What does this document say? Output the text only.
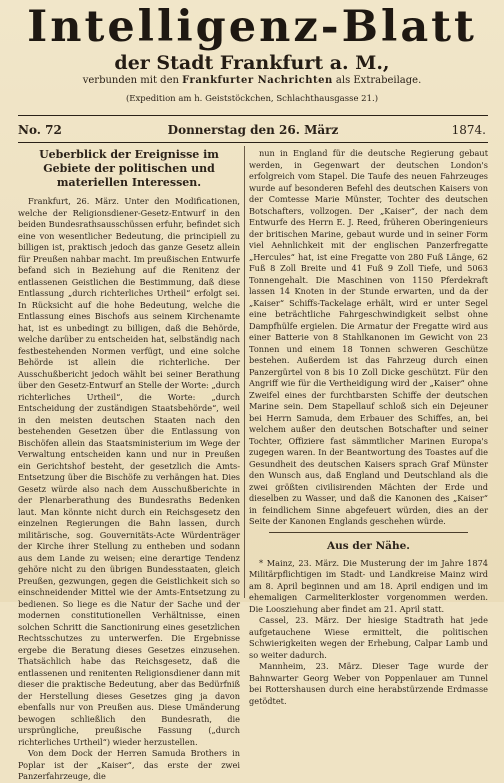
Intelligenz-Blatt
der Stadt Frankfurt a. M.,
verbunden mit den Frankfurter Nachrichten als Extrabeilage.
(Expedition am h. Geiststöckchen, Schlachthausgasse 21.)
No. 72	Donnerstag den 26. März	1874.
Ueberblick der Ereignisse im Gebiete der politischen und materiellen Interessen.

Frankfurt, 26. März. Unter den Modificationen, welche der Religionsdiener-Gesetz-Entwurf in den beiden Bundesrathsausschüssen erfuhr, befindet sich eine von wesentlicher Bedeutung, die principiell zu billigen ist, praktisch jedoch das ganze Gesetz allein für Preußen nahbar macht. Im preußischen Entwurfe befand sich in Beziehung auf die Renitenz der entlassenen Geistlichen die Bestimmung, daß diese Entlassung „durch richterliches Urtheil“ erfolgt sei. In Rücksicht auf die hohe Bedeutung, welche die Entlassung eines Bischofs aus seinem Kirchenamte hat, ist es unbedingt zu billigen, daß die Behörde, welche darüber zu entscheiden hat, selbständig nach festbestehenden Normen verfügt, und eine solche Behörde ist allein die richterliche. Der Ausschußbericht jedoch wählt bei seiner Berathung über den Gesetz-Entwurf an Stelle der Worte: „durch richterliches Urtheil“, die Worte: „durch Entscheidung der zuständigen Staatsbehörde“, weil in den meisten deutschen Staaten nach den bestehenden Gesetzen über die Entlassung von Bischöfen allein das Staatsministerium im Wege der Verwaltung entscheiden kann und nur in Preußen ein Gerichtshof besteht, der gesetzlich die Amts-Entsetzung über die Bischöfe zu verhängen hat. Dies Gesetz würde also nach dem Ausschußberichte in der Plenarberathung des Bundesraths Bedenken laut. Man könnte nicht durch ein Reichsgesetz den einzelnen Regierungen die Bahn lassen, durch militärische, sog. Gouvernitäts-Acte Würdenträger der Kirche ihrer Stellung zu entheben und sodann aus dem Lande zu weisen; eine derartige Tendenz gehöre nicht zu den übrigen Bundesstaaten, gleich Preußen, gezwungen, gegen die Geistlichkeit sich so einschneidender Mittel wie der Amts-Entsetzung zu bedienen. So liege es die Natur der Sache und der modernen constitutionellen Verhältnisse, einen solchen Schritt die Sanctionirung eines gesetzlichen Rechtsschutzes zu unterwerfen. Die Ergebnisse ergebe die Beratung dieses Gesetzes einzusehen. Thatsächlich habe das Reichsgesetz, daß die entlassenen und renitenten Religionsdiener dann mit dieser die praktische Bedeutung, aber das Bedürfniß der Herstellung dieses Gesetzes ging ja davon ebenfalls nur von Preußen aus. Diese Umänderung bewogen schließlich den Bundesrath, die ursprüngliche, preußische Fassung („durch richterliches Urtheil“) wieder herzustellen.

Von dem Dock der Herren Samuda Brothers in Poplar ist der „Kaiser“, das erste der zwei Panzerfahrzeuge, die

nun in England für die deutsche Regierung gebaut werden, in Gegenwart der deutschen London's erfolgreich vom Stapel. Die Taufe des neuen Fahrzeuges wurde auf besonderen Befehl des deutschen Kaisers von der Comtesse Marie Münster, Tochter des deutschen Botschafters, vollzogen. Der „Kaiser“, der nach dem Entwurfe des Herrn E. J. Reed, früheren Oberingenieurs der britischen Marine, gebaut wurde und in seiner Form viel Aehnlichkeit mit der englischen Panzerfregatte „Hercules“ hat, ist eine Fregatte von 280 Fuß Länge, 62 Fuß 8 Zoll Breite und 41 Fuß 9 Zoll Tiefe, und 5063 Tonnengehalt. Die Maschinen von 1150 Pferdekraft lassen 14 Knoten in der Stunde erwarten, und da der „Kaiser“ Schiffs-Tackelage erhält, wird er unter Segel eine beträchtliche Fahrgeschwindigkeit selbst ohne Dampfhülfe ergielen. Die Armatur der Fregatte wird aus einer Batterie von 8 Stahlkanonen im Gewicht von 23 Tonnen und einem 18 Tonnen schweren Geschütze bestehen. Außerdem ist das Fahrzeug durch einen Panzergürtel von 8 bis 10 Zoll Dicke geschützt. Für den Angriff wie für die Vertheidigung wird der „Kaiser“ ohne Zweifel eines der furchtbarsten Schiffe der deutschen Marine sein. Dem Stapellauf schloß sich ein Dejeuner bei Herrn Samuda, dem Erbauer des Schiffes, an, bei welchem außer den deutschen Botschafter und seiner Tochter, Offiziere fast sämmtlicher Marinen Europa's zugegen waren. In der Beantwortung des Toastes auf die Gesundheit des deutschen Kaisers sprach Graf Münster den Wunsch aus, daß England und Deutschland als die zwei größten civilisirenden Mächten der Erde und dieselben zu Wasser, und daß die Kanonen des „Kaiser“ in feindlichem Sinne abgefeuert würden, dies an der Seite der Kanonen Englands geschehen würde.

Aus der Nähe.

* Mainz, 23. März. Die Musterung der im Jahre 1874 Militärpflichtigen im Stadt- und Landkreise Mainz wird am 8. April beginnen und am 18. April endigen und im ehemaligen Carmeliterkloster vorgenommen werden. Die Loosziehung aber findet am 21. April statt.

Cassel, 23. März. Der hiesige Stadtrath hat jede aufgetauchene Wiese ermittelt, die politischen Schwierigkeiten wegen der Erhebung, Calpar Lamb und so weiter dadurch.

Mannheim, 23. März. Dieser Tage wurde der Bahnwarter Georg Weber von Poppenlauer am Tunnel bei Rottershausen durch eine herabstürzende Erdmasse getödtet.
